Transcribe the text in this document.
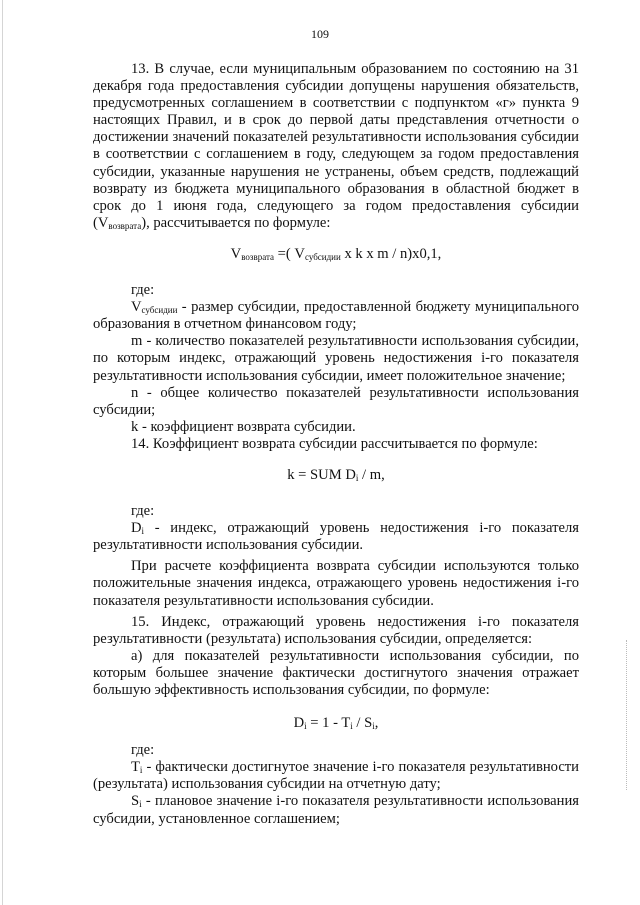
109

13. В случае, если муниципальным образованием по состоянию на 31 декабря года предоставления субсидии допущены нарушения обязательств, предусмотренных соглашением в соответствии с подпунктом «г» пункта 9 настоящих Правил, и в срок до первой даты представления отчетности о достижении значений показателей результативности использования субсидии в соответствии с соглашением в году, следующем за годом предоставления субсидии, указанные нарушения не устранены, объем средств, подлежащий возврату из бюджета муниципального образования в областной бюджет в срок до 1 июня года, следующего за годом предоставления субсидии $(V_{возврата})$, рассчитывается по формуле:

$V_{возврата}$ =( $V_{субсидии}$ x k x m / n)x0,1,

где:

$V_{субсидии}$ - размер субсидии, предоставленной бюджету муниципального образования в отчетном финансовом году;

m - количество показателей результативности использования субсидии, по которым индекс, отражающий уровень недостижения i-го показателя результативности использования субсидии, имеет положительное значение;

n - общее количество показателей результативности использования субсидии;

k - коэффициент возврата субсидии.

14. Коэффициент возврата субсидии рассчитывается по формуле:

k = SUM $D_i$ / m,

где:

$D_i$ - индекс, отражающий уровень недостижения i-го показателя результативности использования субсидии.

При расчете коэффициента возврата субсидии используются только положительные значения индекса, отражающего уровень недостижения i-го показателя результативности использования субсидии.

15. Индекс, отражающий уровень недостижения i-го показателя результативности (результата) использования субсидии, определяется:

а) для показателей результативности использования субсидии, по которым большее значение фактически достигнутого значения отражает большую эффективность использования субсидии, по формуле:

$D_i = 1 - T_i / S_i$,

где:

$T_i$ - фактически достигнутое значение i-го показателя результативности (результата) использования субсидии на отчетную дату;

$S_i$ - плановое значение i-го показателя результативности использования субсидии, установленное соглашением;
